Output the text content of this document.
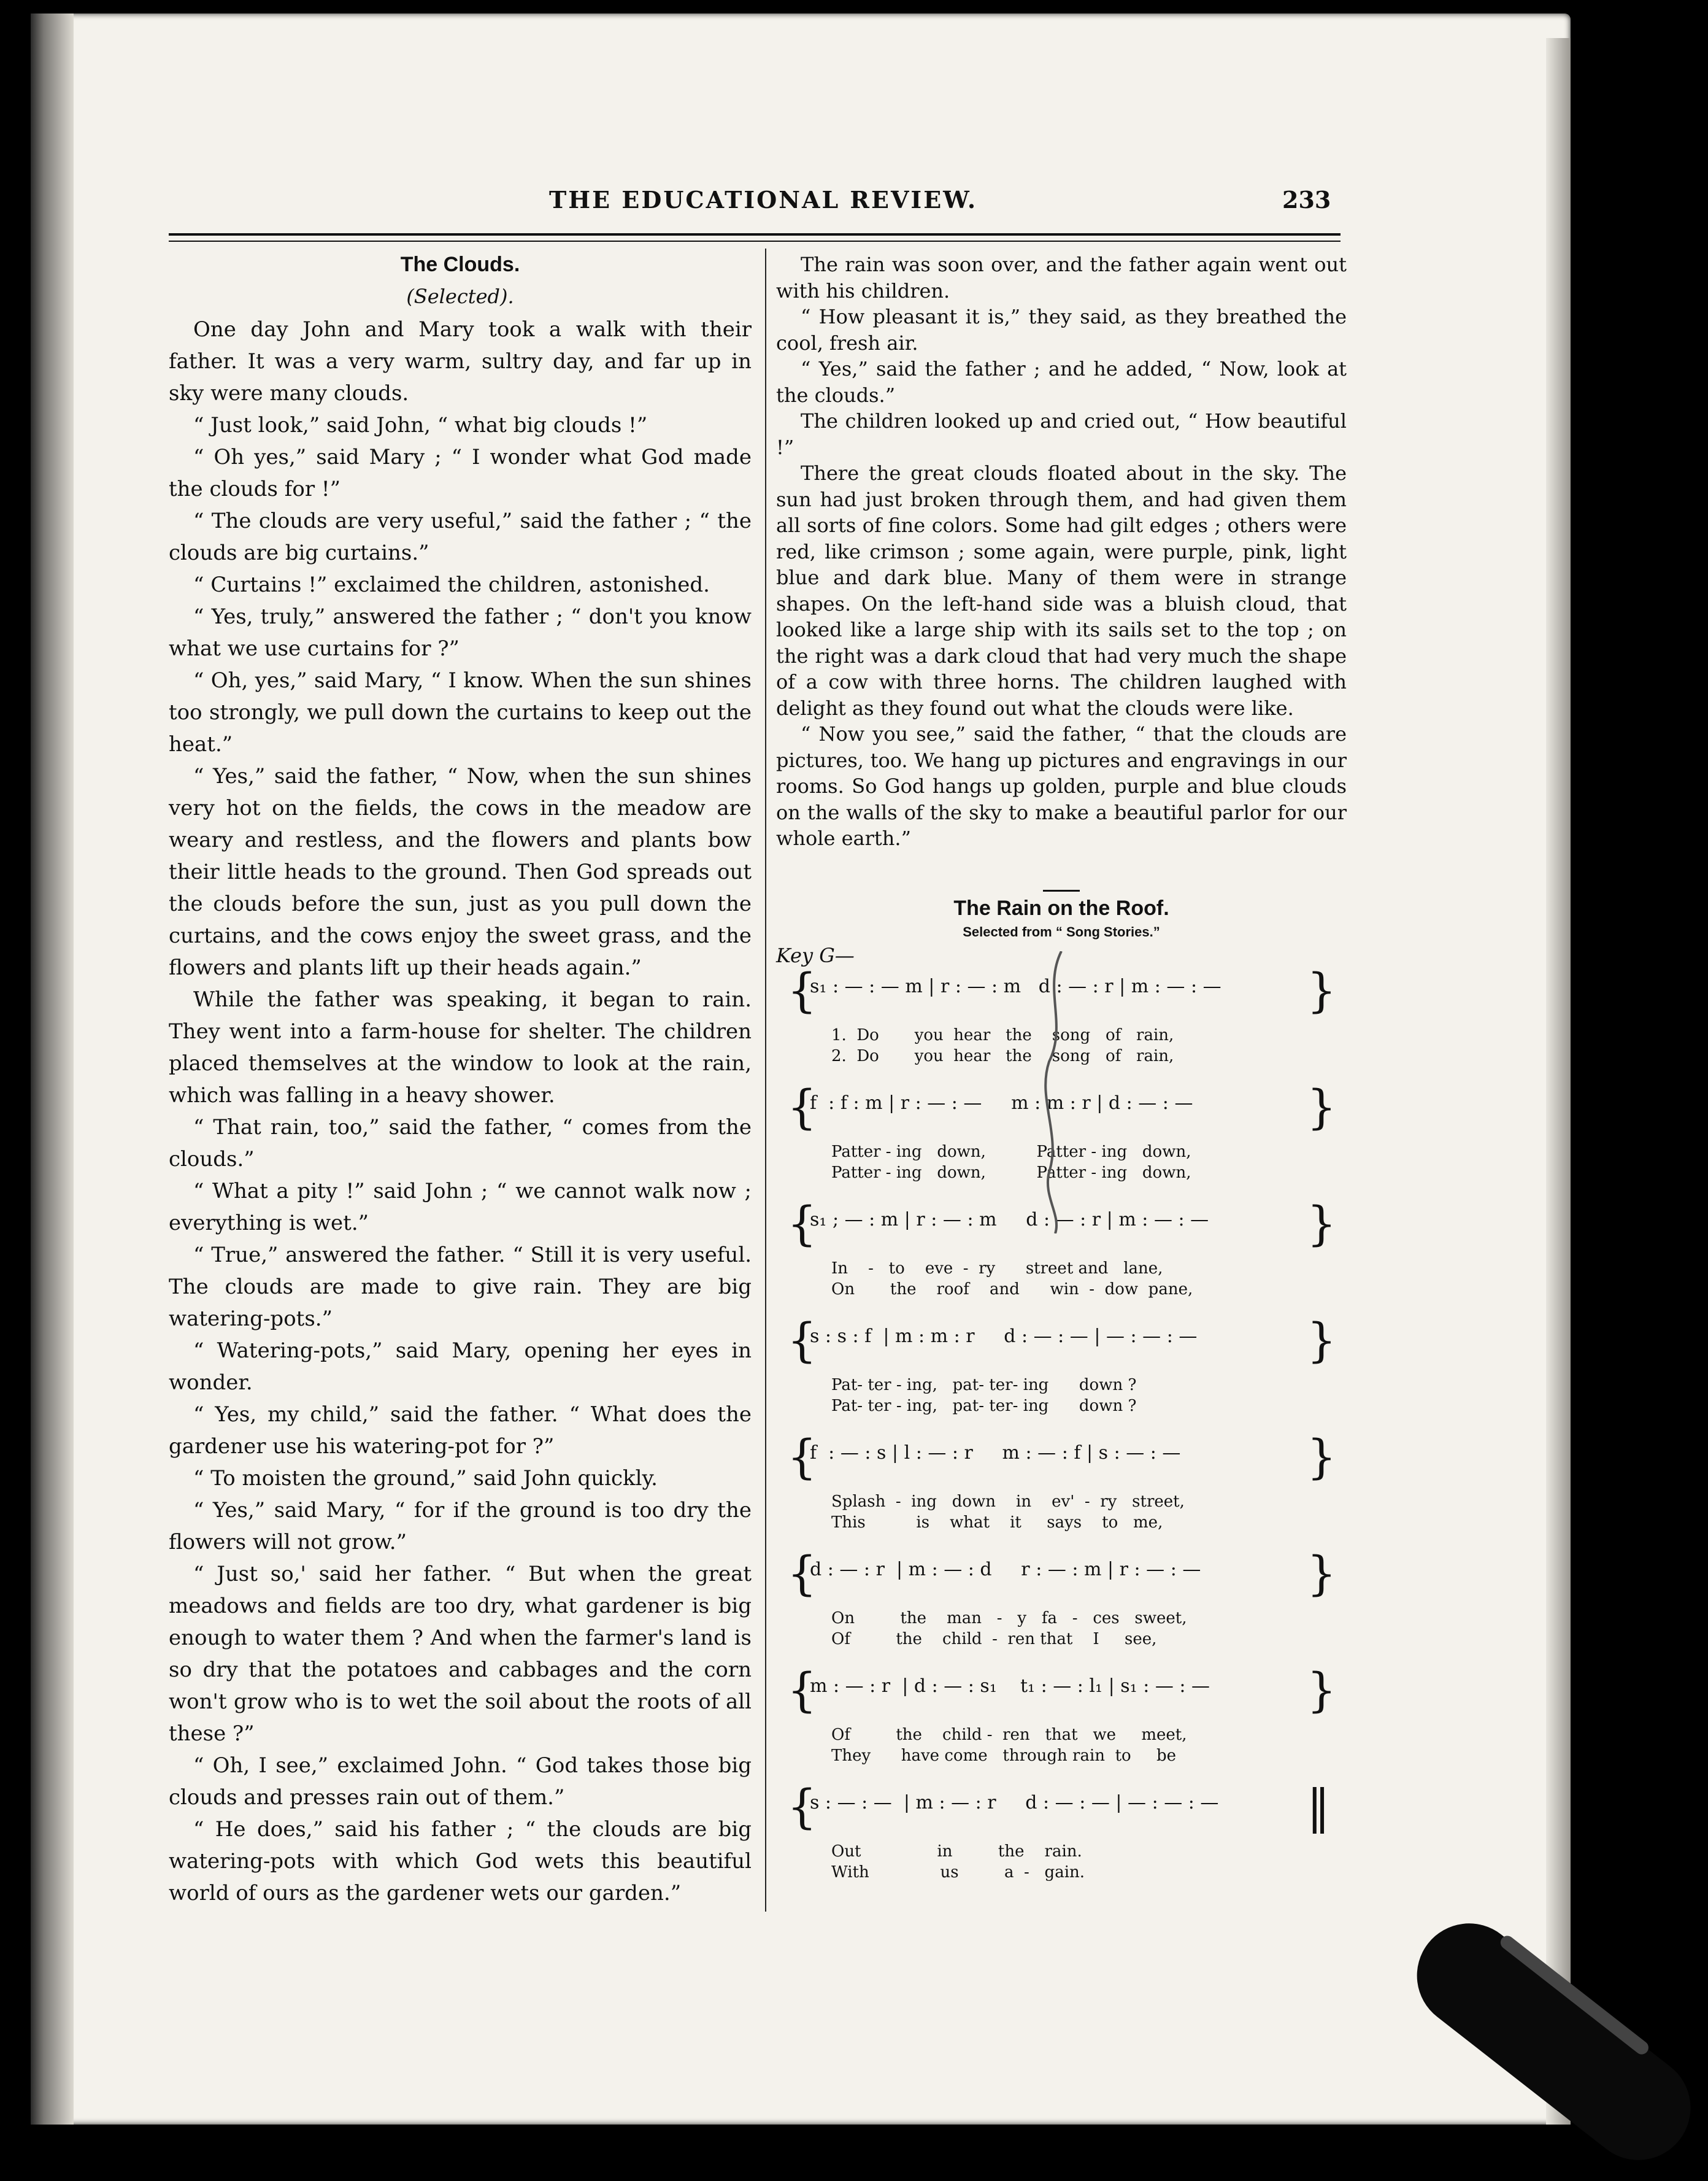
THE EDUCATIONAL REVIEW.	233

The Clouds.

(Selected).

One day John and Mary took a walk with their father. It was a very warm, sultry day, and far up in sky were many clouds.

“ Just look,” said John, “ what big clouds !”

“ Oh yes,” said Mary ; “ I wonder what God made the clouds for !”

“ The clouds are very useful,” said the father ; “ the clouds are big curtains.”

“ Curtains !” exclaimed the children, astonished.

“ Yes, truly,” answered the father ; “ don't you know what we use curtains for ?”

“ Oh, yes,” said Mary, “ I know. When the sun shines too strongly, we pull down the curtains to keep out the heat.”

“ Yes,” said the father, “ Now, when the sun shines very hot on the fields, the cows in the meadow are weary and restless, and the flowers and plants bow their little heads to the ground. Then God spreads out the clouds before the sun, just as you pull down the curtains, and the cows enjoy the sweet grass, and the flowers and plants lift up their heads again.”

While the father was speaking, it began to rain. They went into a farm-house for shelter. The children placed themselves at the window to look at the rain, which was falling in a heavy shower.

“ That rain, too,” said the father, “ comes from the clouds.”

“ What a pity !” said John ; “ we cannot walk now ; everything is wet.”

“ True,” answered the father. “ Still it is very useful. The clouds are made to give rain. They are big watering-pots.”

“ Watering-pots,” said Mary, opening her eyes in wonder.

“ Yes, my child,” said the father. “ What does the gardener use his watering-pot for ?”

“ To moisten the ground,” said John quickly.

“ Yes,” said Mary, “ for if the ground is too dry the flowers will not grow.”

“ Just so,' said her father. “ But when the great meadows and fields are too dry, what gardener is big enough to water them ? And when the farmer's land is so dry that the potatoes and cabbages and the corn won't grow who is to wet the soil about the roots of all these ?”

“ Oh, I see,” exclaimed John. “ God takes those big clouds and presses rain out of them.”

“ He does,” said his father ; “ the clouds are big watering-pots with which God wets this beautiful world of ours as the gardener wets our garden.”

The rain was soon over, and the father again went out with his children.

“ How pleasant it is,” they said, as they breathed the cool, fresh air.

“ Yes,” said the father ; and he added, “ Now, look at the clouds.”

The children looked up and cried out, “ How beautiful !”

There the great clouds floated about in the sky. The sun had just broken through them, and had given them all sorts of fine colors. Some had gilt edges ; others were red, like crimson ; some again, were purple, pink, light blue and dark blue. Many of them were in strange shapes. On the left-hand side was a bluish cloud, that looked like a large ship with its sails set to the top ; on the right was a dark cloud that had very much the shape of a cow with three horns. The children laughed with delight as they found out what the clouds were like.

“ Now you see,” said the father, “ that the clouds are pictures, too. We hang up pictures and engravings in our rooms. So God hangs up golden, purple and blue clouds on the walls of the sky to make a beautiful parlor for our whole earth.”

The Rain on the Roof.
Selected from “ Song Stories.”
Key G—
{
s₁ : — : — m | r : — : m   d : — : r | m : — : — }
1.  Do       you  hear   the    song   of   rain,
2.  Do       you  hear   the    song   of   rain,
{
f  : f : m | r : — : —     m : m : r | d : — : — }
Patter - ing   down,          Patter - ing   down,
Patter - ing   down,          Patter - ing   down,
{
s₁ ; — : m | r : — : m     d : — : r | m : — : — }
In    -   to    eve  -  ry      street and   lane,
On       the    roof    and      win  -  dow  pane,
{
s : s : f  | m : m : r     d : — : — | — : — : — }
Pat- ter - ing,   pat- ter- ing      down ?
Pat- ter - ing,   pat- ter- ing      down ?
{
f  : — : s | l : — : r     m : — : f | s : — : —	}
Splash  -  ing   down    in    ev'  -  ry   street,
This          is    what    it     says    to   me,
{
d : — : r  | m : — : d     r : — : m | r : — : — }
On         the    man   -   y   fa   -   ces   sweet,
Of         the    child  -  ren that    I     see,
{
m : — : r  | d : — : s₁    t₁ : — : l₁ | s₁ : — : — }
Of         the    child -  ren   that   we     meet,
They      have come   through rain  to     be
{
s : — : —  | m : — : r     d : — : — | — : — : — ‖
Out               in         the    rain.
With              us         a  -   gain.
